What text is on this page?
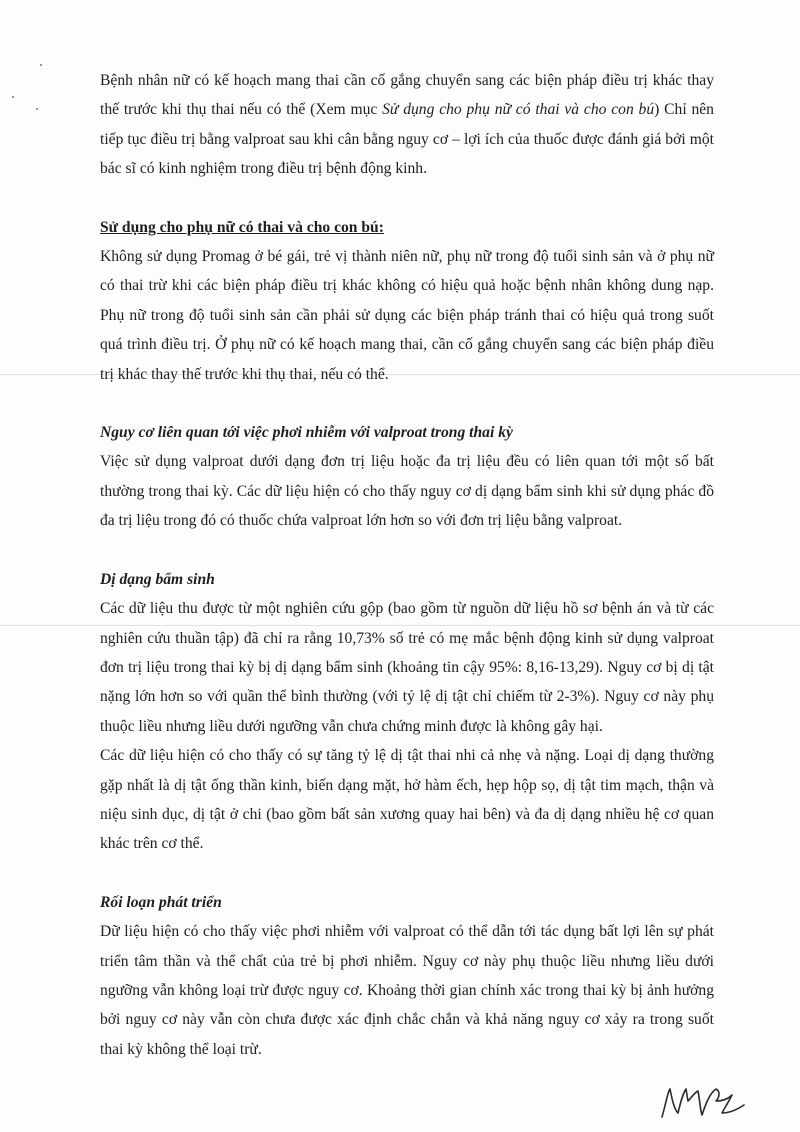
Bệnh nhân nữ có kế hoạch mang thai cần cố gắng chuyển sang các biện pháp điều trị khác thay thế trước khi thụ thai nếu có thể (Xem mục Sử dụng cho phụ nữ có thai và cho con bú) Chỉ nên tiếp tục điều trị bằng valproat sau khi cân bằng nguy cơ – lợi ích của thuốc được đánh giá bởi một bác sĩ có kinh nghiệm trong điều trị bệnh động kinh.

Sử dụng cho phụ nữ có thai và cho con bú:

Không sử dụng Promag ở bé gái, trẻ vị thành niên nữ, phụ nữ trong độ tuổi sinh sản và ở phụ nữ có thai trừ khi các biện pháp điều trị khác không có hiệu quả hoặc bệnh nhân không dung nạp. Phụ nữ trong độ tuổi sinh sản cần phải sử dụng các biện pháp tránh thai có hiệu quả trong suốt quá trình điều trị. Ở phụ nữ có kế hoạch mang thai, cần cố gắng chuyển sang các biện pháp điều trị khác thay thế trước khi thụ thai, nếu có thể.

Nguy cơ liên quan tới việc phơi nhiễm với valproat trong thai kỳ

Việc sử dụng valproat dưới dạng đơn trị liệu hoặc đa trị liệu đều có liên quan tới một số bất thường trong thai kỳ. Các dữ liệu hiện có cho thấy nguy cơ dị dạng bẩm sinh khi sử dụng phác đồ đa trị liệu trong đó có thuốc chứa valproat lớn hơn so với đơn trị liệu bằng valproat.

Dị dạng bẩm sinh

Các dữ liệu thu được từ một nghiên cứu gộp (bao gồm từ nguồn dữ liệu hồ sơ bệnh án và từ các nghiên cứu thuần tập) đã chỉ ra rằng 10,73% số trẻ có mẹ mắc bệnh động kinh sử dụng valproat đơn trị liệu trong thai kỳ bị dị dạng bẩm sinh (khoảng tin cậy 95%: 8,16-13,29). Nguy cơ bị dị tật nặng lớn hơn so với quần thể bình thường (với tỷ lệ dị tật chỉ chiếm từ 2-3%). Nguy cơ này phụ thuộc liều nhưng liều dưới ngưỡng vẫn chưa chứng minh được là không gây hại.

Các dữ liệu hiện có cho thấy có sự tăng tỷ lệ dị tật thai nhi cả nhẹ và nặng. Loại dị dạng thường gặp nhất là dị tật ống thần kinh, biến dạng mặt, hở hàm ếch, hẹp hộp sọ, dị tật tim mạch, thận và niệu sinh dục, dị tật ở chi (bao gồm bất sản xương quay hai bên) và đa dị dạng nhiều hệ cơ quan khác trên cơ thể.

Rối loạn phát triển

Dữ liệu hiện có cho thấy việc phơi nhiễm với valproat có thể dẫn tới tác dụng bất lợi lên sự phát triển tâm thần và thể chất của trẻ bị phơi nhiễm. Nguy cơ này phụ thuộc liều nhưng liều dưới ngưỡng vẫn không loại trừ được nguy cơ. Khoảng thời gian chính xác trong thai kỳ bị ảnh hưởng bởi nguy cơ này vẫn còn chưa được xác định chắc chắn và khả năng nguy cơ xảy ra trong suốt thai kỳ không thể loại trừ.
